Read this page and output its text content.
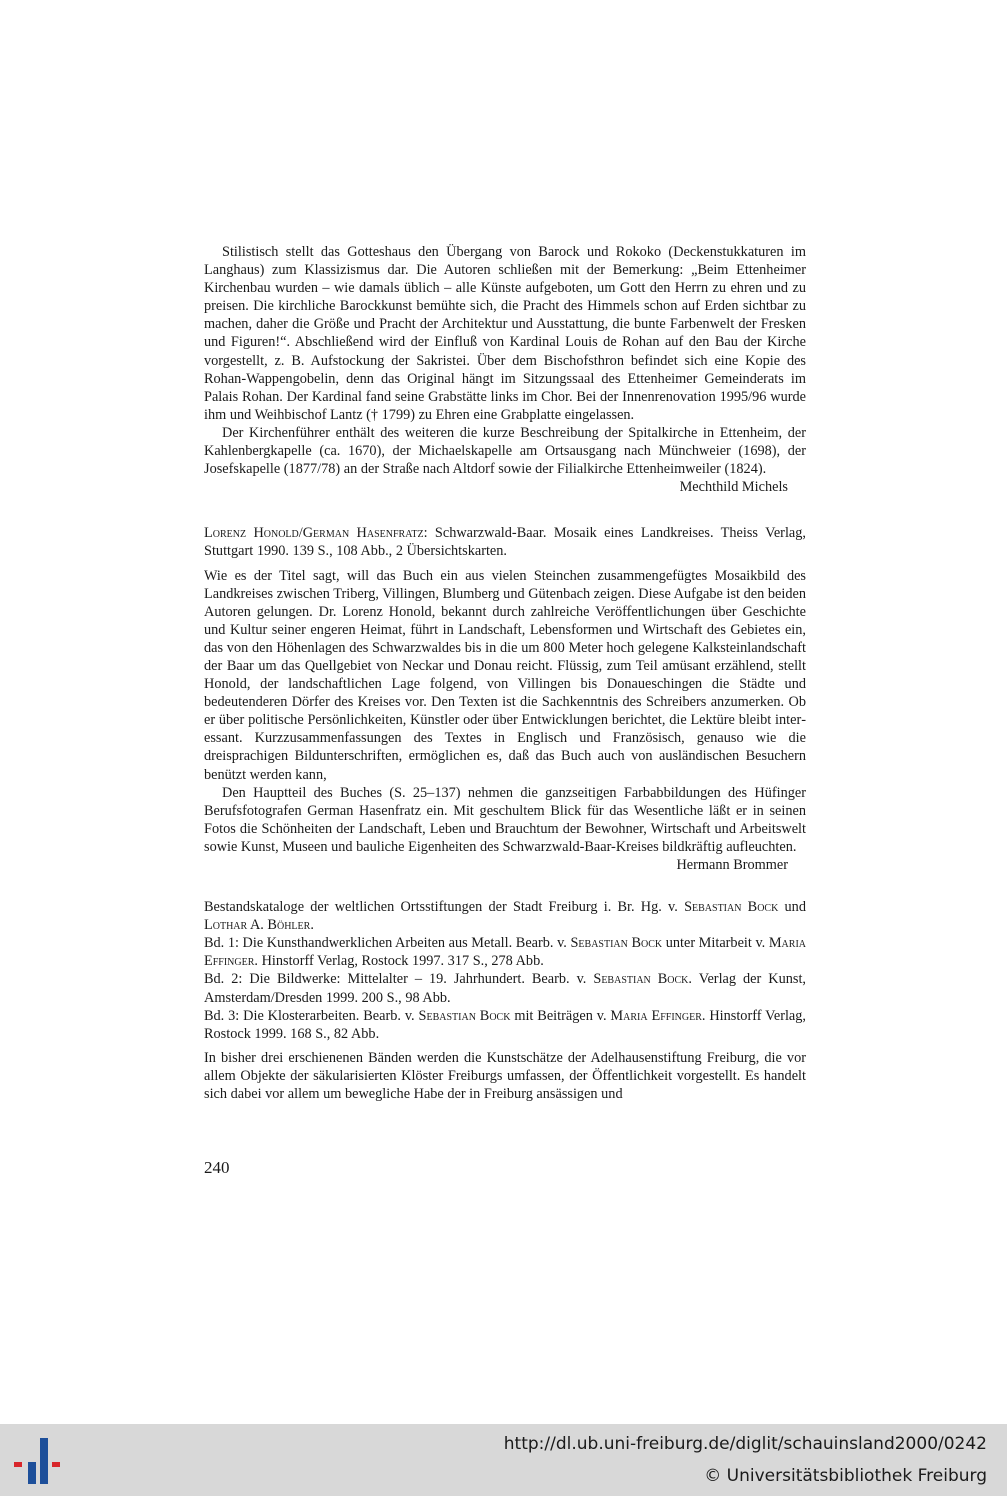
Stilistisch stellt das Gotteshaus den Übergang von Barock und Rokoko (Deckenstukkaturen im Langhaus) zum Klassizismus dar. Die Autoren schließen mit der Bemerkung: „Beim Ettenheimer Kirchenbau wurden – wie damals üblich – alle Künste aufgeboten, um Gott den Herrn zu ehren und zu preisen. Die kirchliche Barockkunst bemühte sich, die Pracht des Himmels schon auf Erden sichtbar zu machen, daher die Größe und Pracht der Architektur und Ausstattung, die bunte Farbenwelt der Fresken und Figuren!“. Abschließend wird der Einfluß von Kardinal Louis de Rohan auf den Bau der Kirche vorgestellt, z. B. Aufstockung der Sakristei. Über dem Bischofsthron befindet sich eine Kopie des Rohan-Wappengobelin, denn das Original hängt im Sitzungssaal des Ettenheimer Gemeinderats im Palais Rohan. Der Kardinal fand seine Grabstätte links im Chor. Bei der Innenrenovation 1995/96 wurde ihm und Weihbischof Lantz († 1799) zu Ehren eine Grabplatte eingelassen.

Der Kirchenführer enthält des weiteren die kurze Beschreibung der Spitalkirche in Ettenheim, der Kahlenbergkapelle (ca. 1670), der Michaelskapelle am Ortsausgang nach Münchweier (1698), der Josefskapelle (1877/78) an der Straße nach Altdorf sowie der Filialkirche Ettenheimweiler (1824).
Mechthild Michels

Lorenz Honold/German Hasenfratz: Schwarzwald-Baar. Mosaik eines Landkreises. Theiss Verlag, Stuttgart 1990. 139 S., 108 Abb., 2 Übersichtskarten.

Wie es der Titel sagt, will das Buch ein aus vielen Steinchen zusammengefügtes Mosaikbild des Landkreises zwischen Triberg, Villingen, Blumberg und Gütenbach zeigen. Diese Aufgabe ist den beiden Autoren gelungen. Dr. Lorenz Honold, bekannt durch zahlreiche Veröffentlichungen über Geschichte und Kultur seiner engeren Heimat, führt in Landschaft, Lebensformen und Wirtschaft des Gebietes ein, das von den Höhenlagen des Schwarzwaldes bis in die um 800 Meter hoch gelegene Kalksteinlandschaft der Baar um das Quellgebiet von Neckar und Donau reicht. Flüssig, zum Teil amüsant erzählend, stellt Honold, der landschaftlichen Lage folgend, von Villingen bis Donaueschingen die Städte und bedeutenderen Dörfer des Kreises vor. Den Texten ist die Sachkenntnis des Schreibers anzumerken. Ob er über politische Persönlichkeiten, Künstler oder über Entwicklungen berichtet, die Lektüre bleibt interessant. Kurzzusammenfassungen des Textes in Englisch und Französisch, genauso wie die dreisprachigen Bildunterschriften, ermöglichen es, daß das Buch auch von ausländischen Besuchern benützt werden kann,

Den Hauptteil des Buches (S. 25–137) nehmen die ganzseitigen Farbabbildungen des Hüfinger Berufsfotografen German Hasenfratz ein. Mit geschultem Blick für das Wesentliche läßt er in seinen Fotos die Schönheiten der Landschaft, Leben und Brauchtum der Bewohner, Wirtschaft und Arbeitswelt sowie Kunst, Museen und bauliche Eigenheiten des Schwarzwald-Baar-Kreises bildkräftig aufleuchten.
Hermann Brommer

Bestandskataloge der weltlichen Ortsstiftungen der Stadt Freiburg i. Br. Hg. v. Sebastian Bock und Lothar A. Böhler.

Bd. 1: Die Kunsthandwerklichen Arbeiten aus Metall. Bearb. v. Sebastian Bock unter Mitarbeit v. Maria Effinger. Hinstorff Verlag, Rostock 1997. 317 S., 278 Abb.

Bd. 2: Die Bildwerke: Mittelalter – 19. Jahrhundert. Bearb. v. Sebastian Bock. Verlag der Kunst, Amsterdam/Dresden 1999. 200 S., 98 Abb.

Bd. 3: Die Klosterarbeiten. Bearb. v. Sebastian Bock mit Beiträgen v. Maria Effinger. Hinstorff Verlag, Rostock 1999. 168 S., 82 Abb.

In bisher drei erschienenen Bänden werden die Kunstschätze der Adelhausenstiftung Freiburg, die vor allem Objekte der säkularisierten Klöster Freiburgs umfassen, der Öffentlichkeit vorgestellt. Es handelt sich dabei vor allem um bewegliche Habe der in Freiburg ansässigen und

240
http://dl.ub.uni-freiburg.de/diglit/schauinsland2000/0242
© Universitätsbibliothek Freiburg
